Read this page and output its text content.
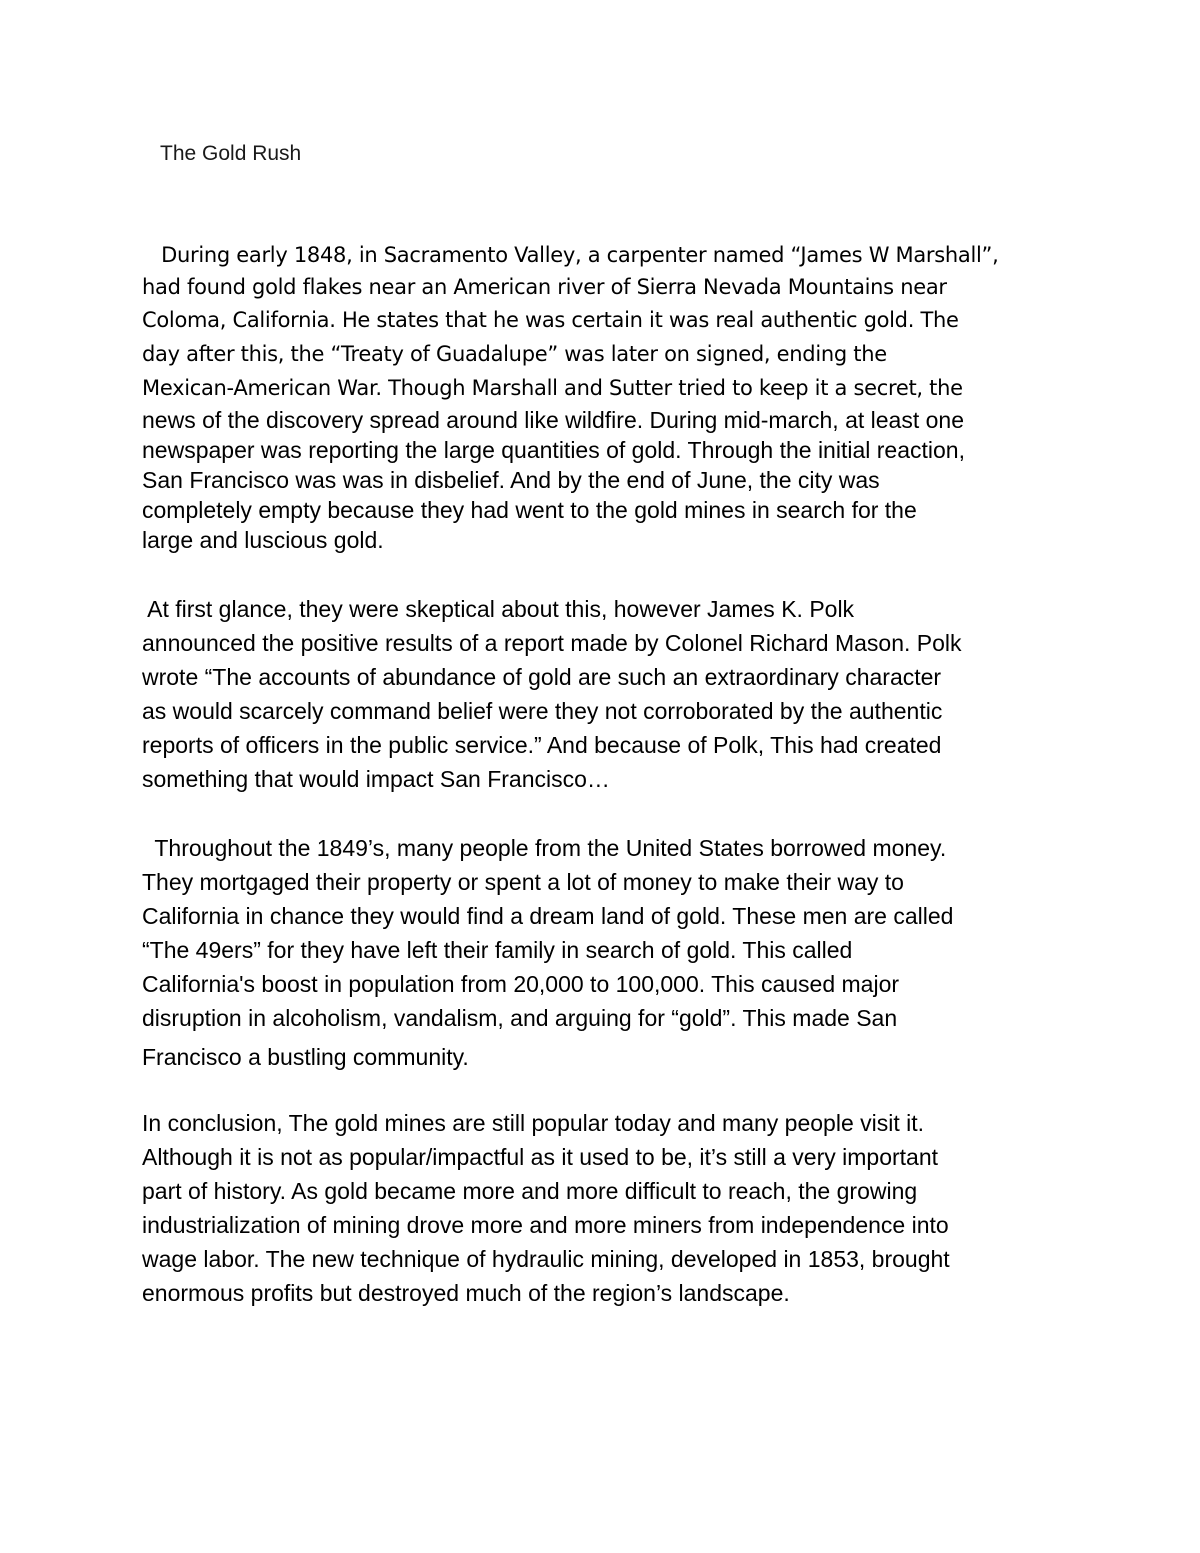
The Gold Rush
During early 1848, in Sacramento Valley, a carpenter named “James W Marshall”,
had found gold flakes near an American river of Sierra Nevada Mountains near
Coloma, California. He states that he was certain it was real authentic gold. The
day after this, the “Treaty of Guadalupe” was later on signed, ending the
Mexican-American War. Though Marshall and Sutter tried to keep it a secret, the
news of the discovery spread around like wildfire. During mid-march, at least one
newspaper was reporting the large quantities of gold. Through the initial reaction,
San Francisco was was in disbelief. And by the end of June, the city was
completely empty because they had went to the gold mines in search for the
large and luscious gold.
At first glance, they were skeptical about this, however James K. Polk
announced the positive results of a report made by Colonel Richard Mason. Polk
wrote “The accounts of abundance of gold are such an extraordinary character
as would scarcely command belief were they not corroborated by the authentic
reports of officers in the public service.” And because of Polk, This had created
something that would impact San Francisco…
Throughout the 1849’s, many people from the United States borrowed money.
They mortgaged their property or spent a lot of money to make their way to
California in chance they would find a dream land of gold. These men are called
“The 49ers” for they have left their family in search of gold. This called
California's boost in population from 20,000 to 100,000. This caused major
disruption in alcoholism, vandalism, and arguing for “gold”. This made San
Francisco a bustling community.
In conclusion, The gold mines are still popular today and many people visit it.
Although it is not as popular/impactful as it used to be, it’s still a very important
part of history. As gold became more and more difficult to reach, the growing
industrialization of mining drove more and more miners from independence into
wage labor. The new technique of hydraulic mining, developed in 1853, brought
enormous profits but destroyed much of the region’s landscape.
